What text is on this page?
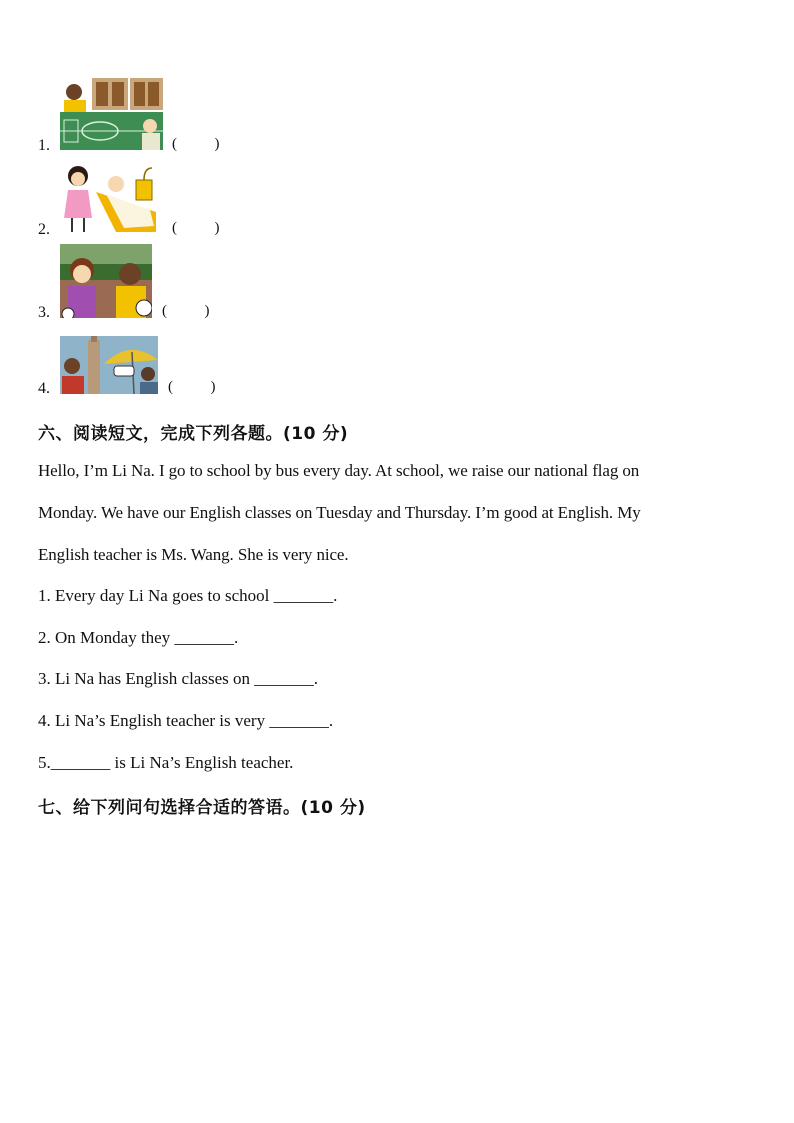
1.	(          )
2.	(          )
3.	(          )
4.	(          )
六、阅读短文，完成下列各题。(10 分)
Hello, I’m Li Na. I go to school by bus every day. At school, we raise our national flag on
Monday. We have our English classes on Tuesday and Thursday. I’m good at English. My
English teacher is Ms. Wang. She is very nice.
1. Every day Li Na goes to school _______.
2. On Monday they _______.
3. Li Na has English classes on _______.
4. Li Na’s English teacher is very _______.
5._______ is Li Na’s English teacher.
七、给下列问句选择合适的答语。(10 分)
